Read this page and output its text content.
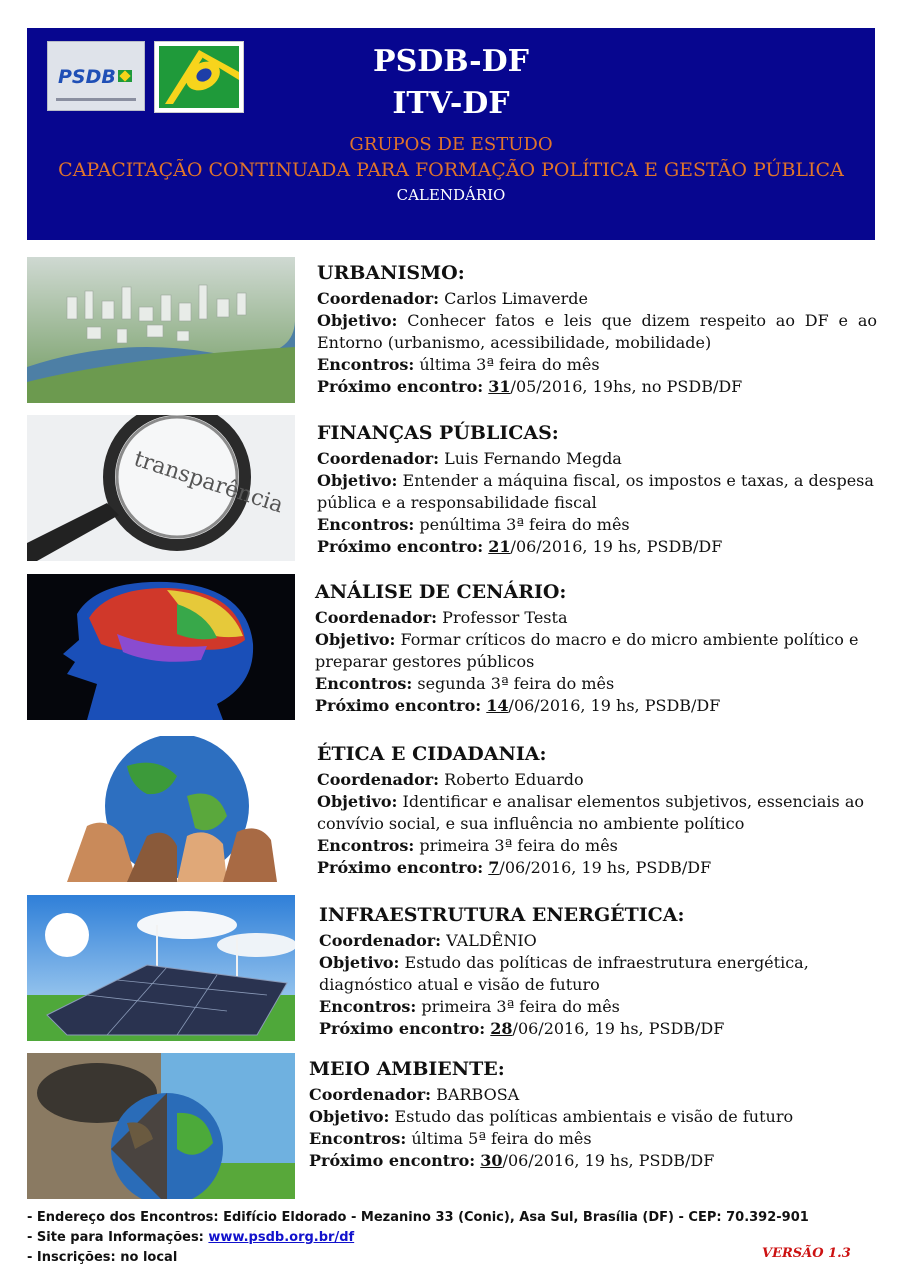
PSDB	PSDB-DF
ITV-DF
GRUPOS DE ESTUDO
CAPACITAÇÃO CONTINUADA PARA FORMAÇÃO POLÍTICA E GESTÃO PÚBLICA
CALENDÁRIO
URBANISMO:

Coordenador: Carlos Limaverde

Objetivo: Conhecer fatos e leis que dizem respeito ao DF e ao Entorno (urbanismo, acessibilidade, mobilidade)

Encontros: última 3ª feira do mês

Próximo encontro: 31/05/2016, 19hs, no PSDB/DF

transparência
FINANÇAS PÚBLICAS:

Coordenador: Luis Fernando Megda

Objetivo: Entender a máquina fiscal, os impostos e taxas, a despesa pública e a responsabilidade fiscal

Encontros: penúltima 3ª feira do mês

Próximo encontro: 21/06/2016, 19 hs, PSDB/DF

ANÁLISE DE CENÁRIO:

Coordenador: Professor Testa

Objetivo: Formar críticos do macro e do micro ambiente político e preparar gestores públicos

Encontros: segunda 3ª feira do mês

Próximo encontro: 14/06/2016, 19 hs, PSDB/DF

ÉTICA E CIDADANIA:

Coordenador: Roberto Eduardo

Objetivo: Identificar e analisar elementos subjetivos, essenciais ao convívio social, e sua influência no ambiente político

Encontros: primeira 3ª feira do mês

Próximo encontro: 7/06/2016, 19 hs, PSDB/DF

INFRAESTRUTURA ENERGÉTICA:

Coordenador: VALDÊNIO

Objetivo: Estudo das políticas de infraestrutura energética, diagnóstico atual e visão de futuro

Encontros: primeira 3ª feira do mês

Próximo encontro: 28/06/2016, 19 hs, PSDB/DF

MEIO AMBIENTE:

Coordenador: BARBOSA

Objetivo: Estudo das políticas ambientais e visão de futuro

Encontros: última 5ª feira do mês

Próximo encontro: 30/06/2016, 19 hs, PSDB/DF

- Endereço dos Encontros: Edifício Eldorado - Mezanino 33 (Conic), Asa Sul, Brasília (DF) - CEP: 70.392-901
- Site para Informações: www.psdb.org.br/df
- Inscrições: no local	VERSÃO 1.3
